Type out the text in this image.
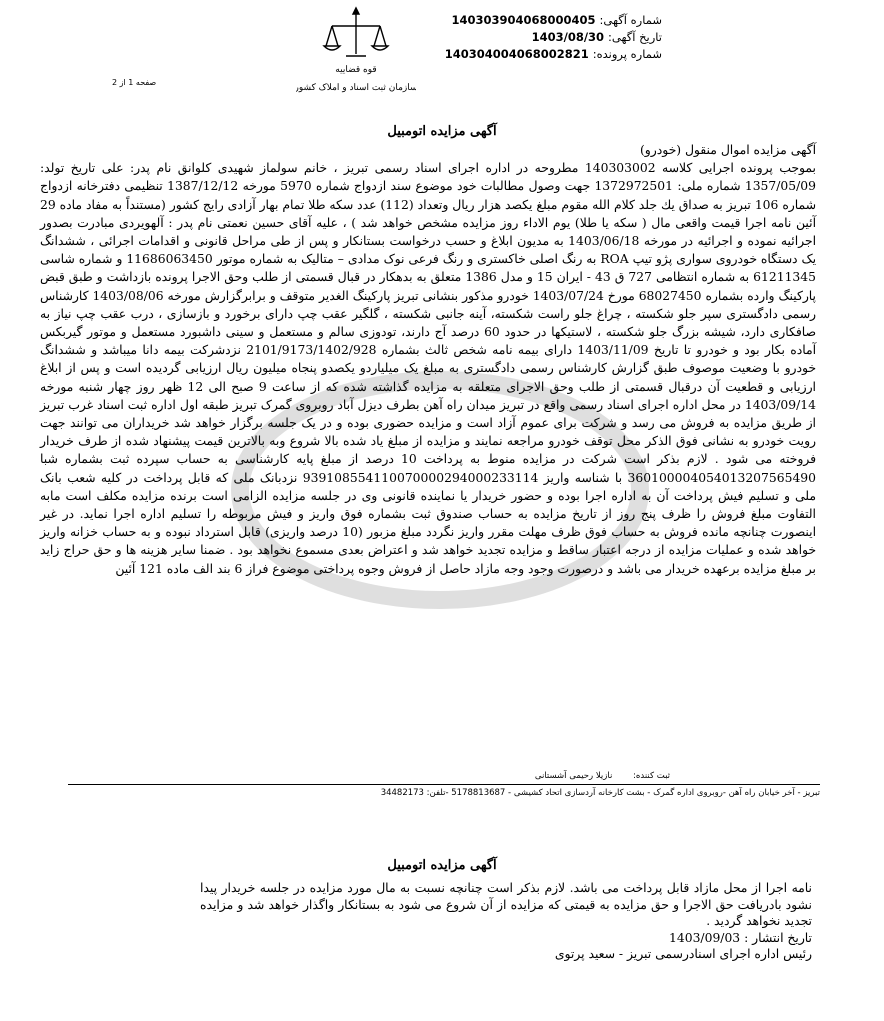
شماره آگهی:
140303904068000405
تاریخ آگهی:
1403/08/30
شماره پرونده:
140304004068002821
قوه قضاییه
سازمان ثبت اسناد و املاک کشور
صفحه 1 از 2
آگهی مزایده اتومبیل

آگهی مزایده اموال منقول (خودرو)

بموجب پرونده اجرایی کلاسه 140303002 مطروحه در اداره اجرای اسناد رسمی تبریز ، خانم سولماز شهیدی کلوانق نام پدر: علی تاریخ تولد: 1357/05/09 شماره ملی: 1372972501 جهت وصول مطالبات خود موضوع سند ازدواج شماره 5970 مورخه 1387/12/12 تنظیمی دفترخانه ازدواج شماره 106 تبریز به صداق یك جلد کلام الله مقوم مبلغ یکصد هزار ریال وتعداد (112) عدد سکه طلا تمام بهار آزادی رایج کشور (مستنداً به مفاد ماده 29 آئین نامه اجرا قیمت واقعی مال ( سکه یا طلا) یوم الاداء روز مزایده مشخص خواهد شد ) ، علیه آقای حسین نعمتی نام پدر : آلهویردی مبادرت بصدور اجرائیه نموده و اجرائیه در مورخه 1403/06/18 به مدیون ابلاغ و حسب درخواست بستانکار و پس از طی مراحل قانونی و اقدامات اجرائی ، ششدانگ یک دستگاه خودروی سواری پژو تیپ ROA به رنگ اصلی خاکستری و رنگ فرعی نوک مدادی – متالیک به شماره موتور 11686063450 و شماره شاسی 61211345 به شماره انتظامی 727 ق 43 - ایران 15 و مدل 1386 متعلق به بدهکار در قبال قسمتی از طلب وحق الاجرا پرونده بازداشت و طبق قبض پارکینگ وارده بشماره 68027450 مورخ 1403/07/24 خودرو مذکور بنشانی تبریز پارکینگ الغدیر متوقف و برابرگزارش مورخه 1403/08/06 کارشناس رسمی دادگستری سپر جلو شکسته ، چراغ جلو راست شکسته، آینه جانبی شکسته ، گلگیر عقب چپ دارای برخورد و بازسازی ، درب عقب چپ نیاز به صافکاری دارد، شیشه بزرگ جلو شکسته ، لاستیکها در حدود 60 درصد آج دارند، تودوزی سالم و مستعمل و سینی داشبورد مستعمل و موتور گیربکس آماده بکار بود و خودرو تا تاریخ 1403/11/09 دارای بیمه نامه شخص ثالث بشماره 2101/9173/1402/928 نزدشرکت بیمه دانا میباشد و ششدانگ خودرو با وضعیت موصوف طبق گزارش کارشناس رسمی دادگستری به مبلغ یک میلیاردو یکصدو پنجاه میلیون ریال ارزیابی گردیده است و پس از ابلاغ ارزیابی و قطعیت آن درقبال قسمتی از طلب وحق الاجرای متعلقه به مزایده گذاشته شده که از ساعت 9 صبح الی 12 ظهر روز چهار شنبه مورخه 1403/09/14 در محل اداره اجرای اسناد رسمی واقع در تبریز میدان راه آهن بطرف دیزل آباد روبروی گمرک تبریز طبقه اول اداره ثبت اسناد غرب تبریز از طریق مزایده به فروش می رسد و شرکت برای عموم آزاد است و مزایده حضوری بوده و در یک جلسه برگزار خواهد شد خریداران می توانند جهت رویت خودرو به نشانی فوق الذکر محل توقف خودرو مراجعه نمایند و مزایده از مبلغ یاد شده بالا شروع وبه بالاترین قیمت پیشنهاد شده از طرف خریدار فروخته می شود . لازم بذکر است شرکت در مزایده منوط به پرداخت 10 درصد از مبلغ پایه کارشناسی به حساب سپرده ثبت بشماره شبا 360100004054013207565490 با شناسه واریز 939108554110070000294000233114 نزدبانک ملی که قابل پرداخت در کلیه شعب بانک ملی و تسلیم فیش پرداخت آن به اداره اجرا بوده و حضور خریدار یا نماینده قانونی وی در جلسه مزایده الزامی است برنده مزایده مکلف است مابه التفاوت مبلغ فروش را ظرف پنج روز از تاریخ مزایده به حساب صندوق ثبت بشماره فوق واریز و فیش مربوطه را تسلیم اداره اجرا نماید. در غیر اینصورت چنانچه مانده فروش به حساب فوق ظرف مهلت مقرر واریز نگردد مبلغ مزبور (10 درصد واریزی) قابل استرداد نبوده و به حساب خزانه واریز خواهد شده و عملیات مزایده از درجه اعتبار ساقط و مزایده تجدید خواهد شد و اعتراض بعدی مسموع نخواهد بود . ضمنا سایر هزینه ها و حق حراج زاید بر مبلغ مزایده برعهده خریدار می باشد و درصورت وجود وجه مازاد حاصل از فروش وجوه پرداختی موضوع فراز 6 بند الف ماده 121 آئین

ثبت کننده: نازیلا رحیمی آشستانی
تبریز - آخر خیابان راه آهن -روبروی اداره گمرک - بشت کارخانه آردسازی اتحاد کشیشی - 5178813687 -تلفن: 34482173
آگهی مزایده اتومبیل

نامه اجرا از محل مازاد قابل پرداخت می باشد. لازم بذکر است چنانچه نسبت به مال مورد مزایده در جلسه خریدار پیدا نشود بادریافت حق الاجرا و حق مزایده به قیمتی که مزایده از آن شروع می شود به بستانکار واگذار خواهد شد و مزایده تجدید نخواهد گردید .

تاریخ انتشار : 1403/09/03

رئیس اداره اجرای اسنادرسمی تبریز - سعید پرتوی
